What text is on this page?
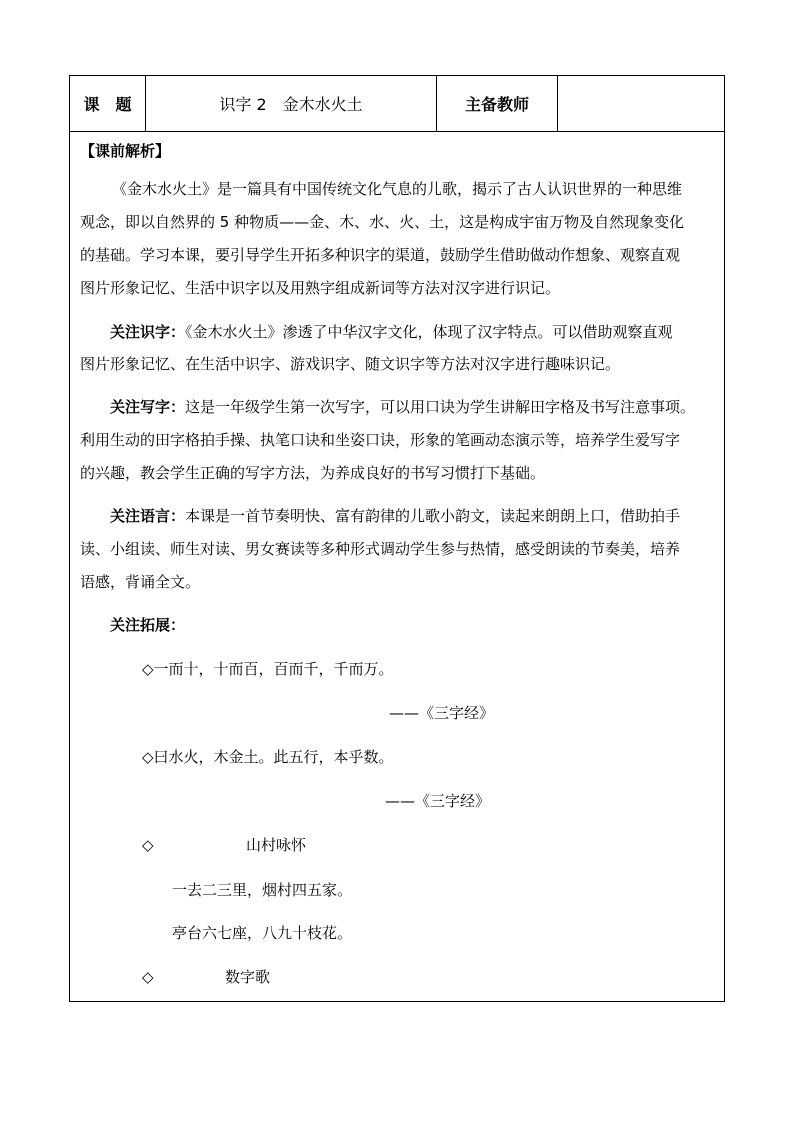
课　题	识字 2　金木水火土	主备教师
【课前解析】
《金木水火土》是一篇具有中国传统文化气息的儿歌，揭示了古人认识世界的一种思维
观念，即以自然界的 5 种物质——金、木、水、火、土，这是构成宇宙万物及自然现象变化
的基础。学习本课，要引导学生开拓多种识字的渠道，鼓励学生借助做动作想象、观察直观
图片形象记忆、生活中识字以及用熟字组成新词等方法对汉字进行识记。
关注识字：《金木水火土》渗透了中华汉字文化，体现了汉字特点。可以借助观察直观
图片形象记忆、在生活中识字、游戏识字、随文识字等方法对汉字进行趣味识记。
关注写字：这是一年级学生第一次写字，可以用口诀为学生讲解田字格及书写注意事项。
利用生动的田字格拍手操、执笔口诀和坐姿口诀，形象的笔画动态演示等，培养学生爱写字
的兴趣，教会学生正确的写字方法，为养成良好的书写习惯打下基础。
关注语言：本课是一首节奏明快、富有韵律的儿歌小韵文，读起来朗朗上口，借助拍手
读、小组读、师生对读、男女赛读等多种形式调动学生参与热情，感受朗读的节奏美，培养
语感，背诵全文。
关注拓展：
◇一而十，十而百，百而千，千而万。
——《三字经》
◇曰水火，木金土。此五行，本乎数。
——《三字经》
◇	山村咏怀
一去二三里，烟村四五家。
亭台六七座，八九十枝花。
◇	数字歌
